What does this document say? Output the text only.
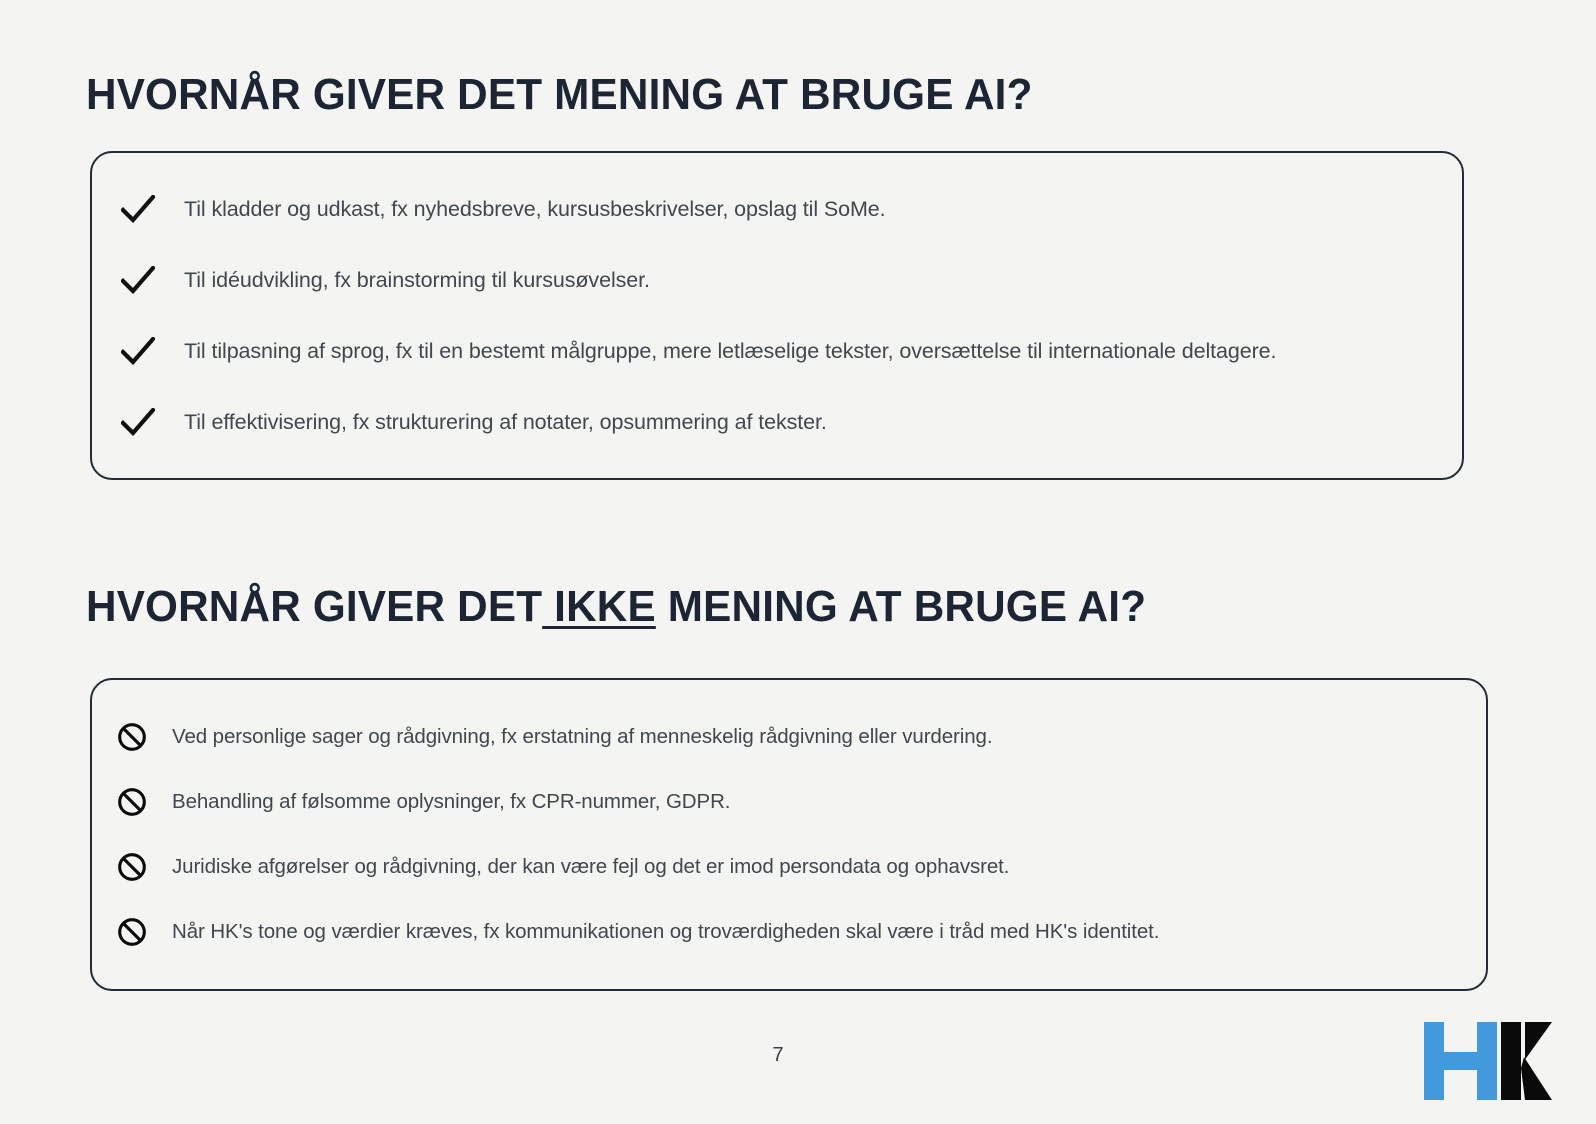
HVORNÅR GIVER DET MENING AT BRUGE AI?
Til kladder og udkast, fx nyhedsbreve, kursusbeskrivelser, opslag til SoMe.
Til idéudvikling, fx brainstorming til kursusøvelser.
Til tilpasning af sprog, fx til en bestemt målgruppe, mere letlæselige tekster, oversættelse til internationale deltagere.
Til effektivisering, fx strukturering af notater, opsummering af tekster.
HVORNÅR GIVER DET IKKE MENING AT BRUGE AI?
Ved personlige sager og rådgivning, fx erstatning af menneskelig rådgivning eller vurdering.
Behandling af følsomme oplysninger, fx CPR-nummer, GDPR.
Juridiske afgørelser og rådgivning, der kan være fejl og det er imod persondata og ophavsret.
Når HK's tone og værdier kræves, fx kommunikationen og troværdigheden skal være i tråd med HK's identitet.
7
